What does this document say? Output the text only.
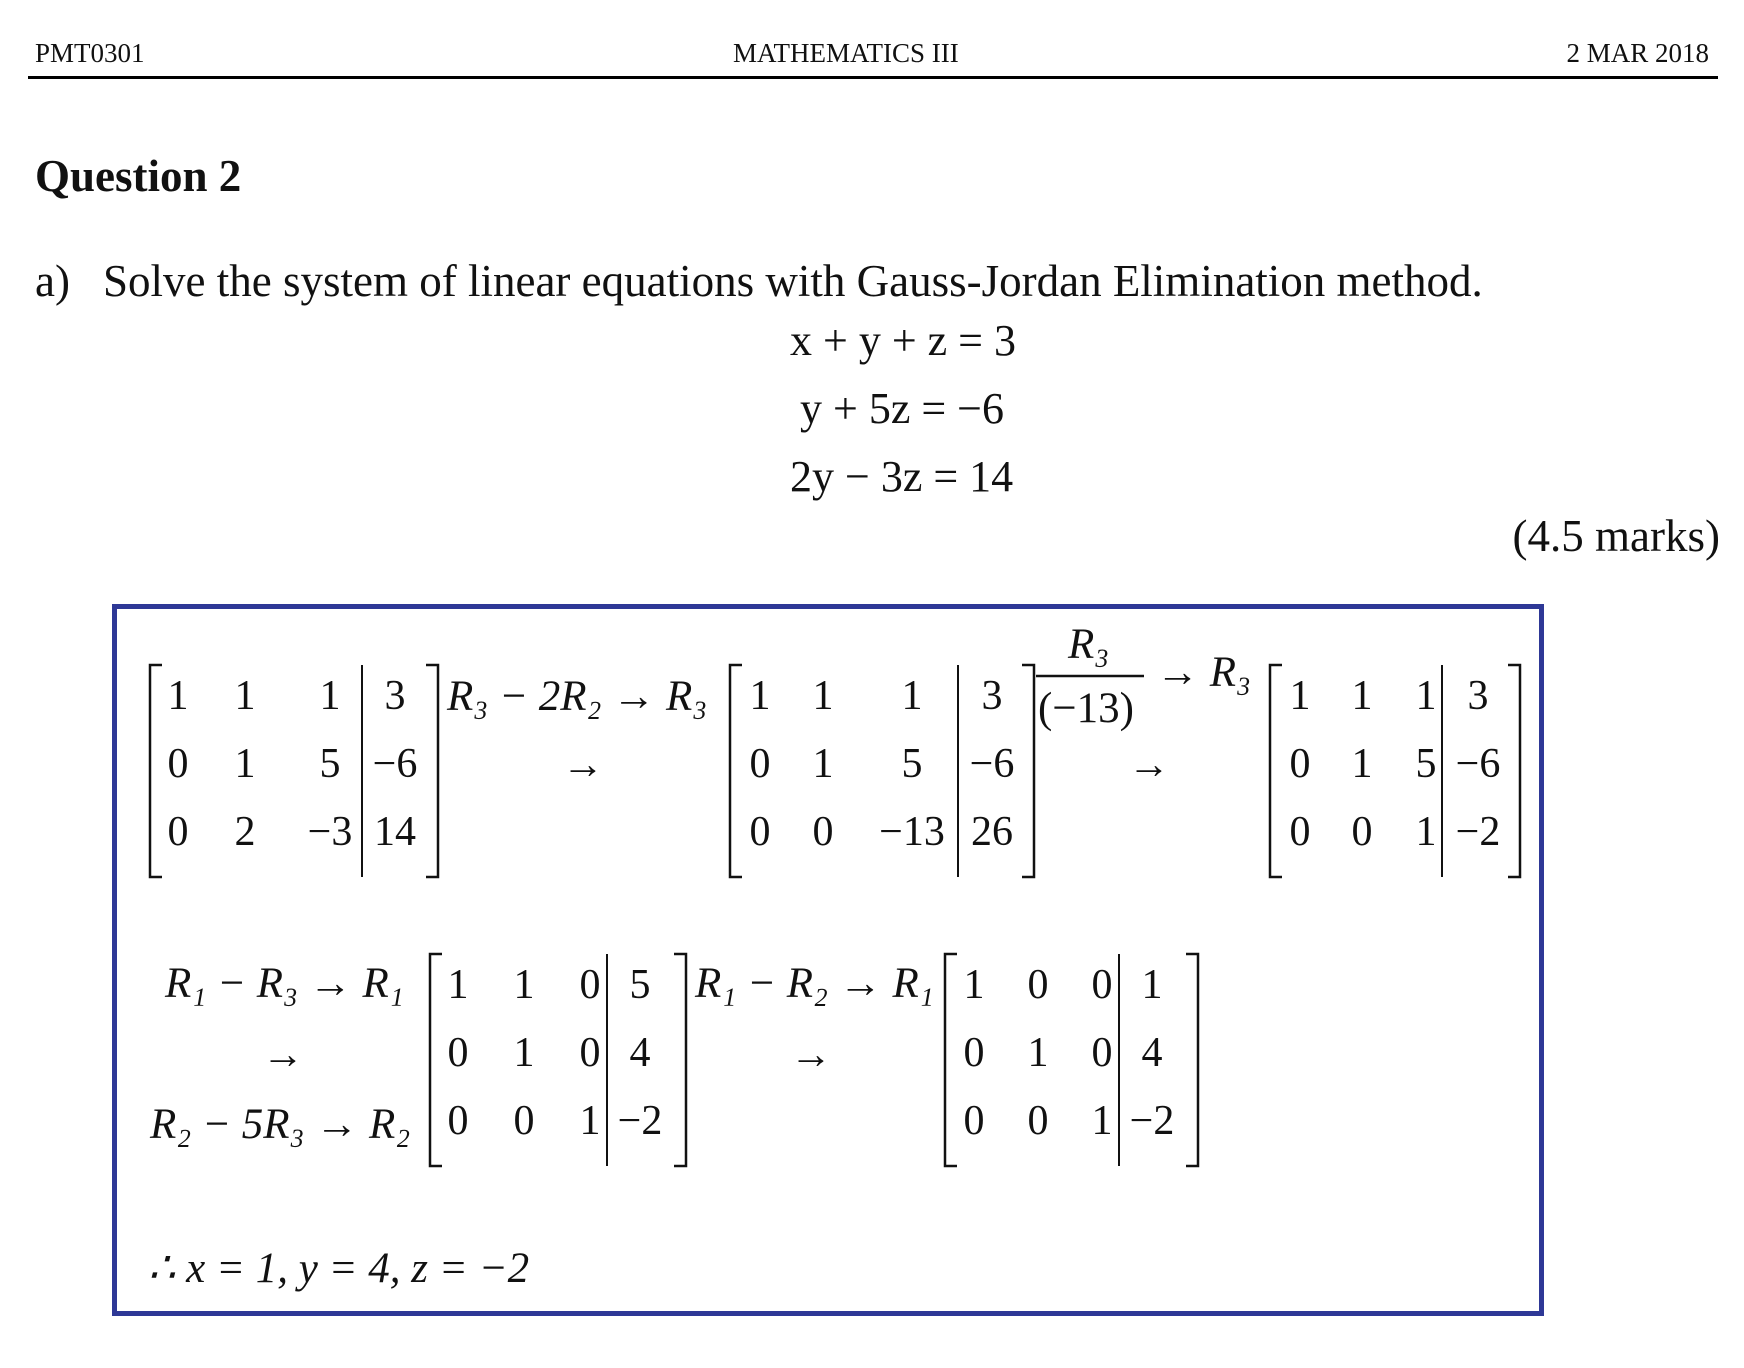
PMT0301	MATHEMATICS III	2 MAR 2018
Question 2
a) Solve the system of linear equations with Gauss-Jordan Elimination method.
x + y + z = 3
y + 5z = −6
2y − 3z = 14
(4.5 marks)
1 1 1 3
0 1 5 −6
0 2 −3 14
1 1 1 3
0 1 5 −6
0 0 −13 26
1 1 1 3
0 1 5 −6
0 0 1 −2
1 1 0 5
0 1 0 4
0 0 1 −2
1 0 0 1
0 1 0 4
0 0 1 −2
R₃ − 2R₂ → R₃
→
R₃
(−13)
→ R₃
→
R₁ − R₃ → R₁
→
R₂ − 5R₃ → R₂
R₁ − R₂ → R₁
→
∴ x = 1, y = 4, z = −2
